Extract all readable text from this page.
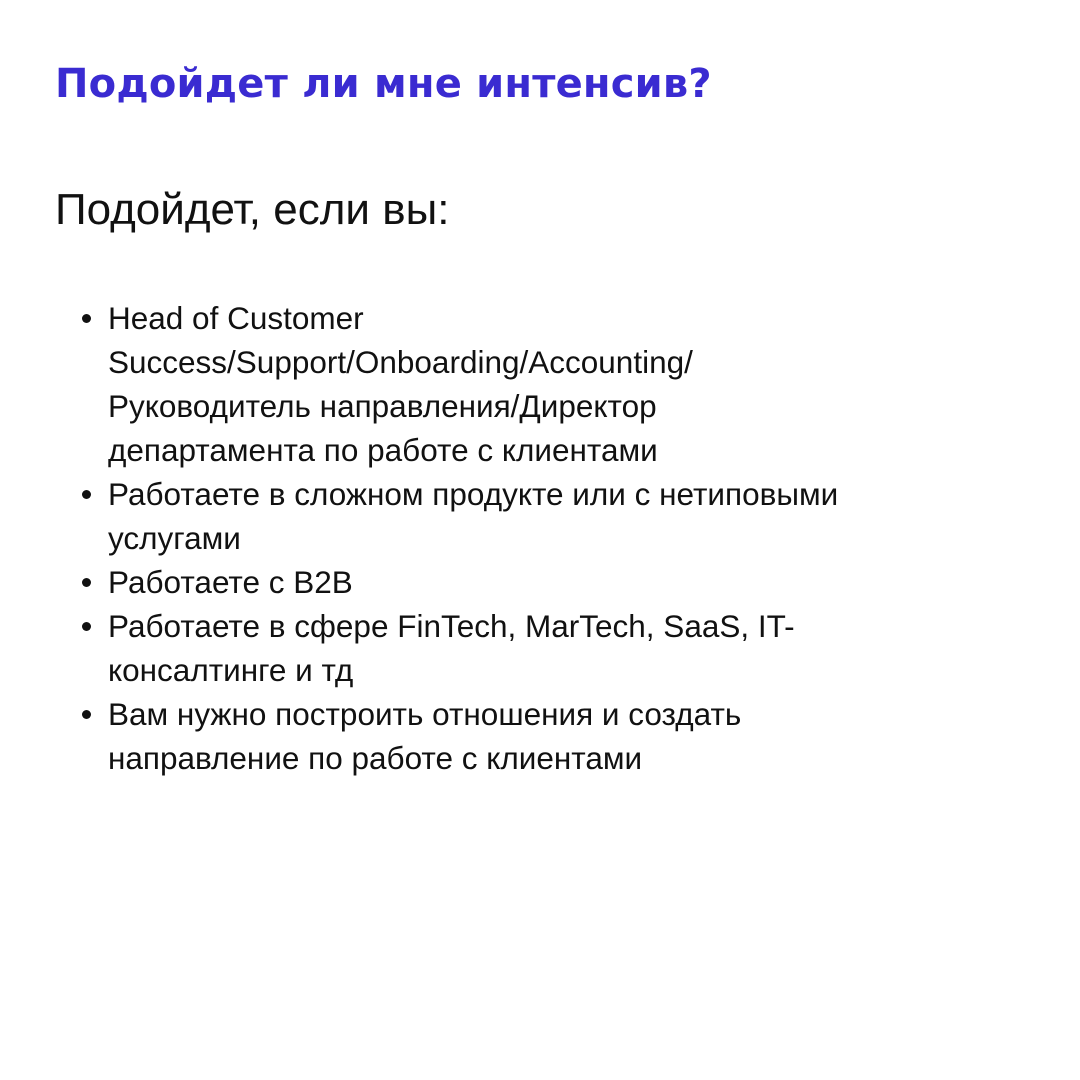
Подойдет ли мне интенсив?
Подойдет, если вы:
Head of Customer
Success/Support/Onboarding/Accounting/
Руководитель направления/Директор
департамента по работе с клиентами
Работаете в сложном продукте или с нетиповыми
услугами
Работаете с B2B
Работаете в сфере FinTech, MarTech, SaaS, IT-
консалтинге и тд
Вам нужно построить отношения и создать
направление по работе с клиентами
